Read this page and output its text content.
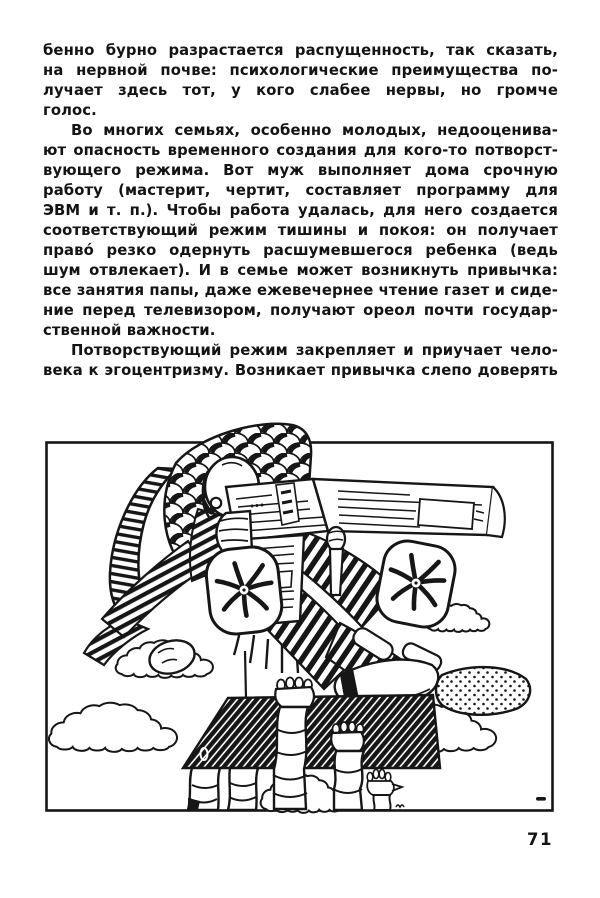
бенно бурно разрастается распущенность, так сказать,
на нервной почве: психологические преимущества по-
лучает здесь тот, у кого слабее нервы, но громче
голос.
Во многих семьях, особенно молодых, недооценива-
ют опасность временного создания для кого-то потворст-
вующего режима. Вот муж выполняет дома срочную
работу (мастерит, чертит, составляет программу для
ЭВМ и т. п.). Чтобы работа удалась, для него создается
соответствующий режим тишины и покоя: он получает
право́ резко одернуть расшумевшегося ребенка (ведь
шум отвлекает). И в семье может возникнуть привычка:
все занятия папы, даже ежевечернее чтение газет и сиде-
ние перед телевизором, получают ореол почти государ-
ственной важности.
Потворствующий режим закрепляет и приучает чело-
века к эгоцентризму. Возникает привычка слепо доверять
71
